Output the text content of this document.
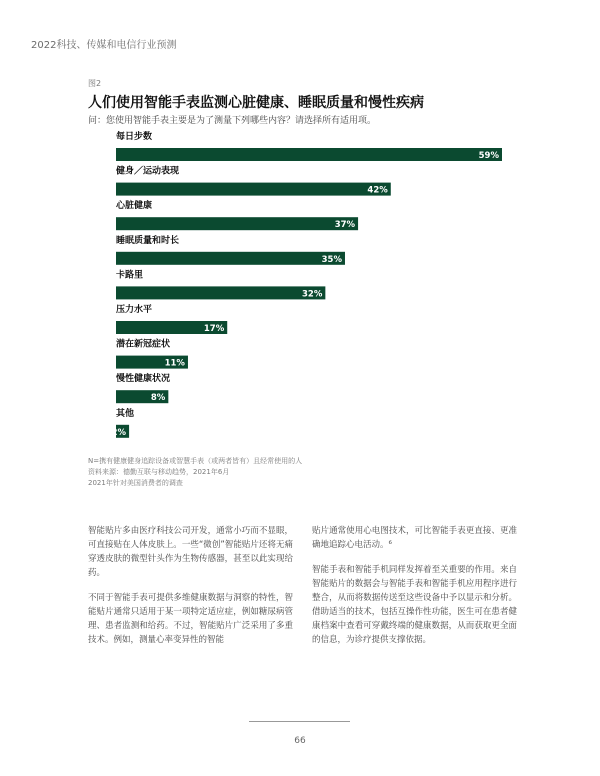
2022科技、传媒和电信行业预测
图2
人们使用智能手表监测心脏健康、睡眠质量和慢性疾病
问：您使用智能手表主要是为了测量下列哪些内容？请选择所有适用项。
每日步数
59%
健身／运动表现
42%
心脏健康
37%
睡眠质量和时长
35%
卡路里
32%
压力水平
17%
潜在新冠症状
11%
慢性健康状况
8%
其他
2%
N=携有健康健身追踪设备或智慧手表（或两者皆有）且经常使用的人
资料来源：德勤互联与移动趋势，2021年6月
2021年针对美国消费者的调查

智能贴片多由医疗科技公司开发，通常小巧而不显眼，可直接贴在人体皮肤上。一些“微创”智能贴片还将无痛穿透皮肤的微型针头作为生物传感器，甚至以此实现给药。

不同于智能手表可提供多维健康数据与洞察的特性，智能贴片通常只适用于某一项特定适应症，例如糖尿病管理、患者监测和给药。不过，智能贴片广泛采用了多重技术。例如，测量心率变异性的智能

贴片通常使用心电图技术，可比智能手表更直接、更准确地追踪心电活动。⁶

智能手表和智能手机同样发挥着至关重要的作用。来自智能贴片的数据会与智能手表和智能手机应用程序进行整合，从而将数据传送至这些设备中予以显示和分析。借助适当的技术，包括互操作性功能，医生可在患者健康档案中查看可穿戴终端的健康数据，从而获取更全面的信息，为诊疗提供支撑依据。

66
